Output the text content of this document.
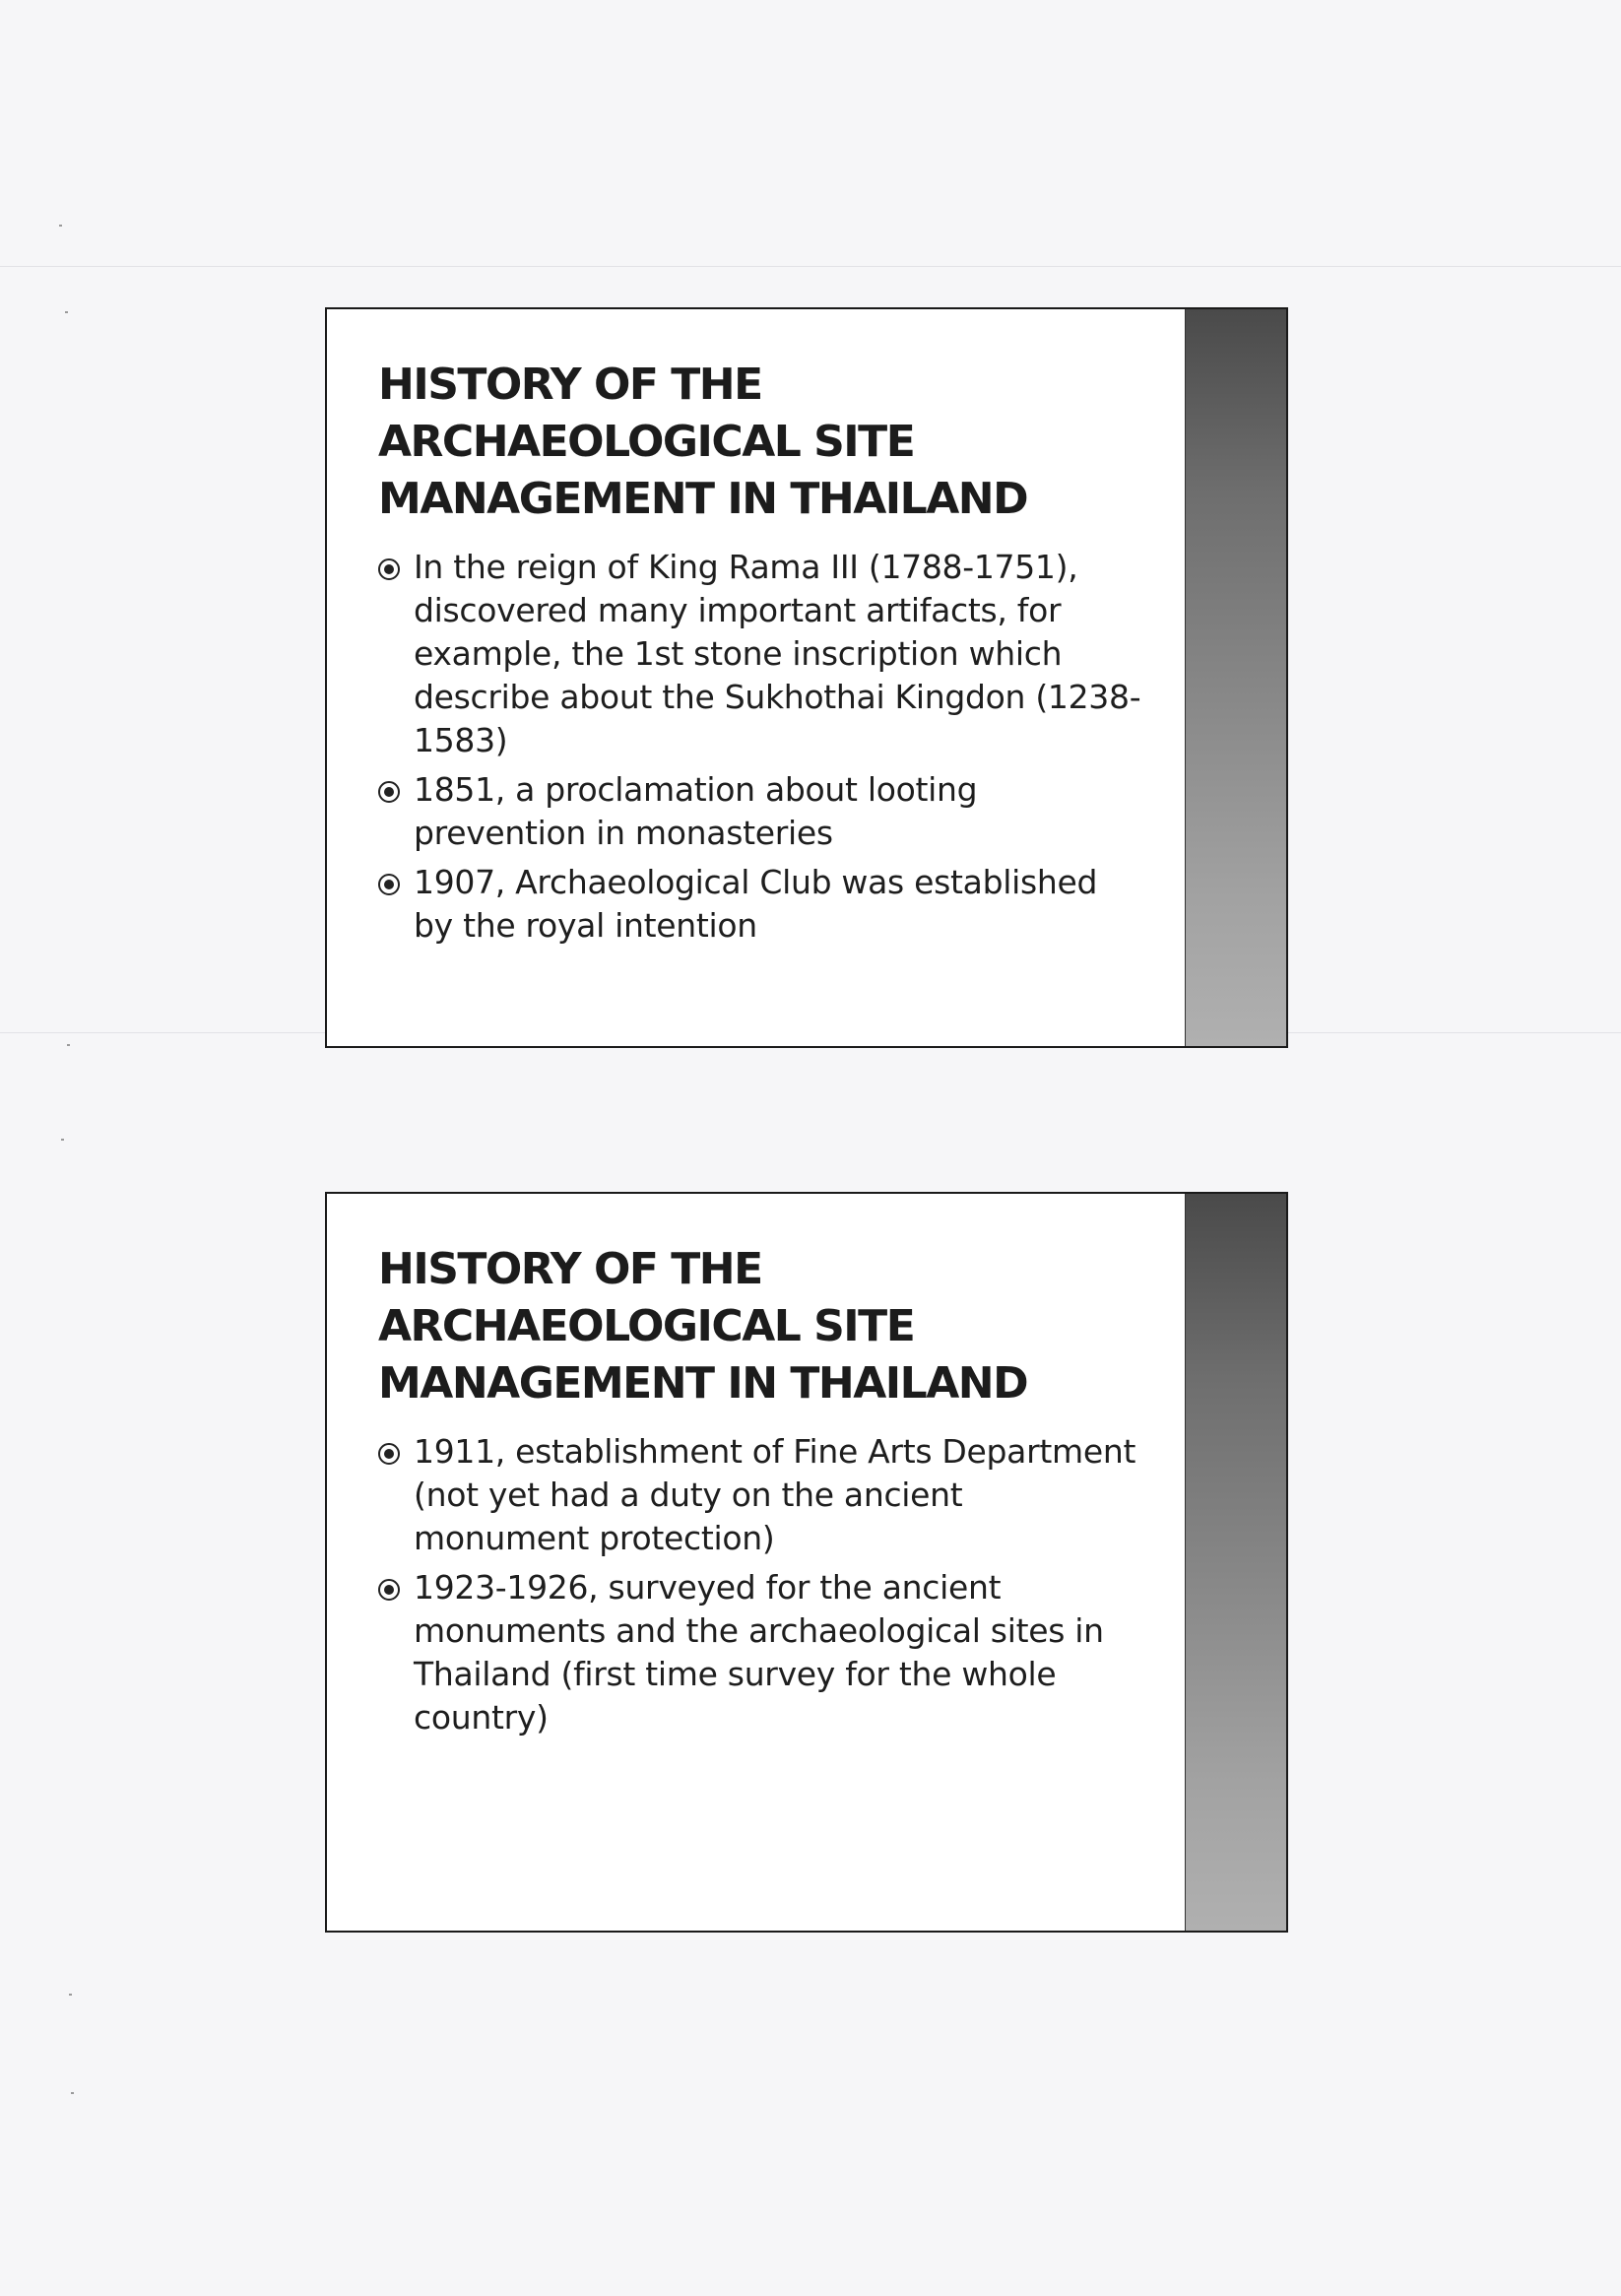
HISTORY OF THE ARCHAEOLOGICAL SITE MANAGEMENT IN THAILAND
In the reign of King Rama III (1788-1751), discovered many important artifacts, for example, the 1st stone inscription which describe about the Sukhothai Kingdon (1238-1583)
1851, a proclamation about looting prevention in monasteries
1907, Archaeological Club was established by the royal intention
HISTORY OF THE ARCHAEOLOGICAL SITE MANAGEMENT IN THAILAND
1911, establishment of Fine Arts Department (not yet had a duty on the ancient monument protection)
1923-1926, surveyed for the ancient monuments and the archaeological sites in Thailand (first time survey for the whole country)
